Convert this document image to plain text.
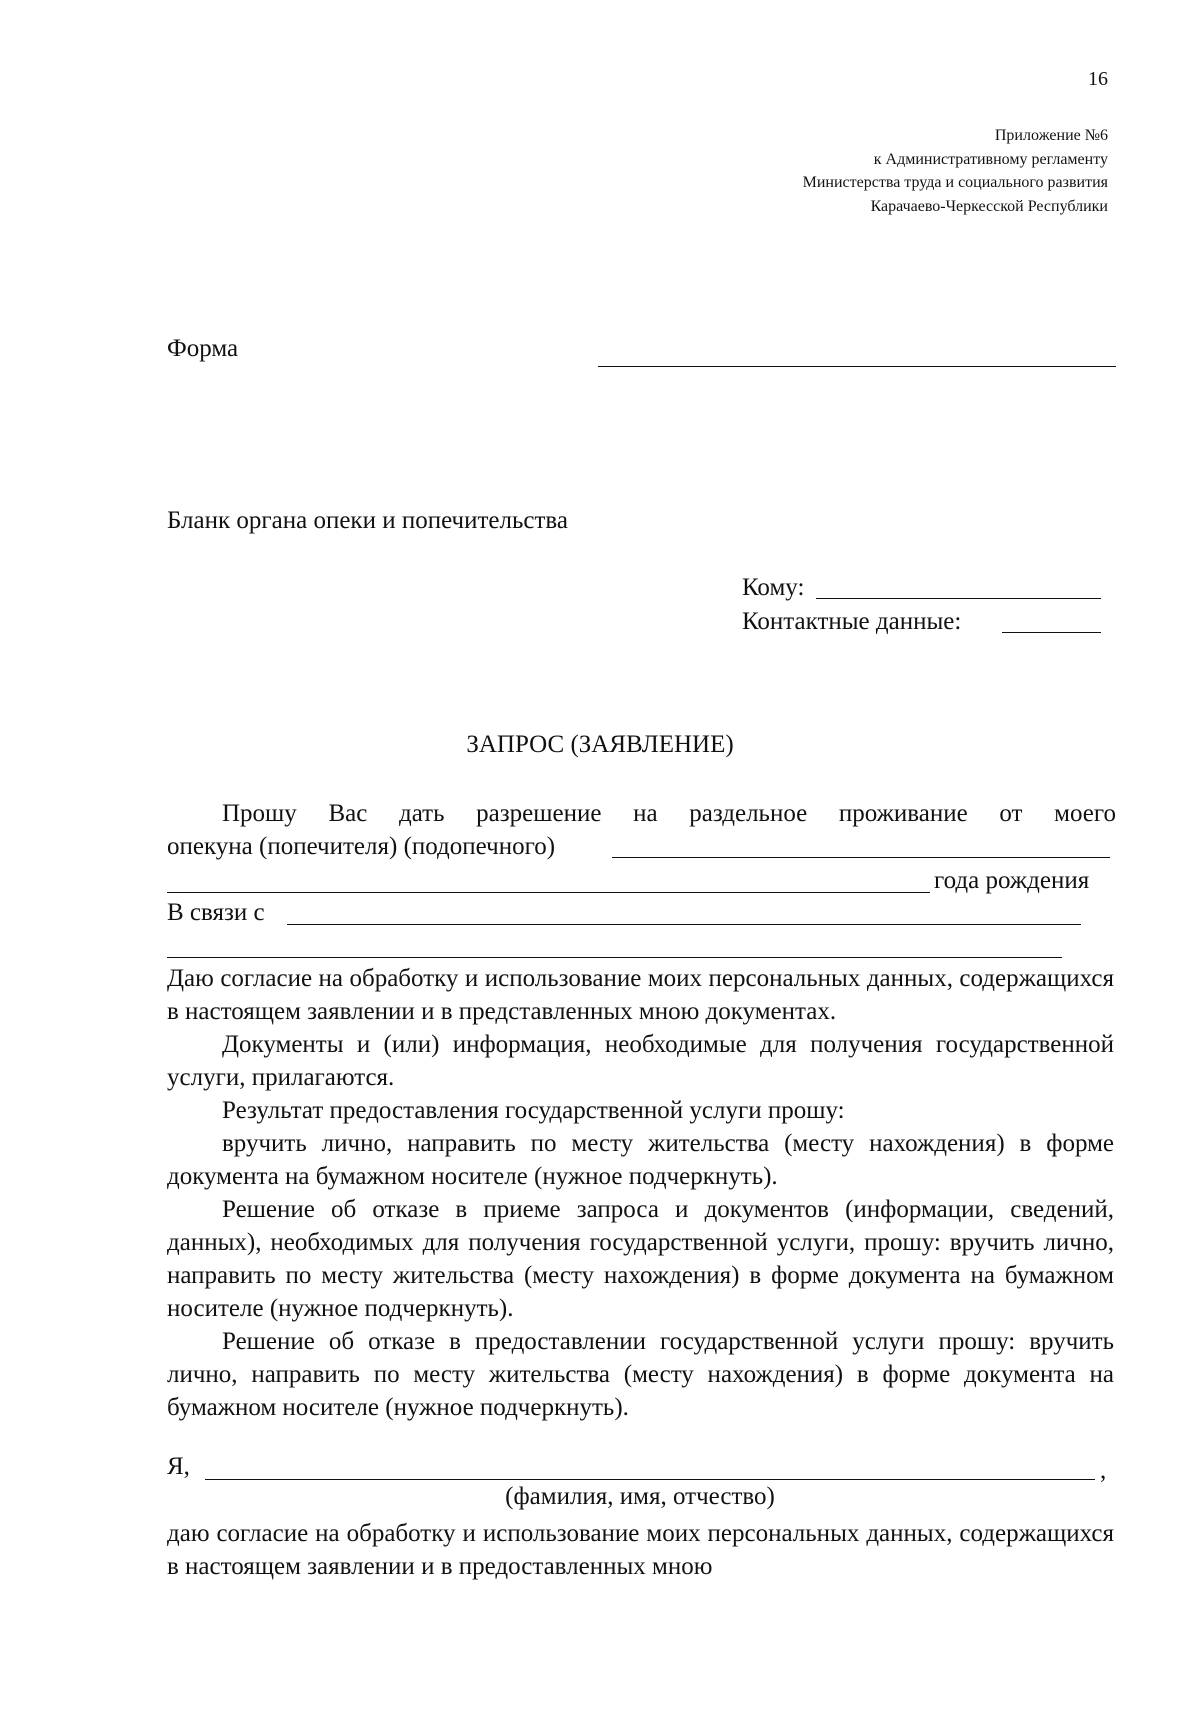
16
Приложение №6
к Административному регламенту
Министерства труда и социального развития
Карачаево-Черкесской Республики
Форма
Бланк органа опеки и попечительства
Кому:
Контактные данные:
ЗАПРОС (ЗАЯВЛЕНИЕ)
Прошу Вас дать разрешение на раздельное проживание от моего
опекуна (попечителя) (подопечного)
года рождения
В связи с
Даю согласие на обработку и использование моих персональных данных, содержащихся в настоящем заявлении и в представленных мною документах.
Документы и (или) информация, необходимые для получения государственной услуги, прилагаются.
Результат предоставления государственной услуги прошу:
вручить лично, направить по месту жительства (месту нахождения) в форме документа на бумажном носителе (нужное подчеркнуть).
Решение об отказе в приеме запроса и документов (информации, сведений, данных), необходимых для получения государственной услуги, прошу: вручить лично, направить по месту жительства (месту нахождения) в форме документа на бумажном носителе (нужное подчеркнуть).
Решение об отказе в предоставлении государственной услуги прошу: вручить лично, направить по месту жительства (месту нахождения) в форме документа на бумажном носителе (нужное подчеркнуть).
Я,	,
(фамилия, имя, отчество)
даю согласие на обработку и использование моих персональных данных, содержащихся в настоящем заявлении и в предоставленных мною
